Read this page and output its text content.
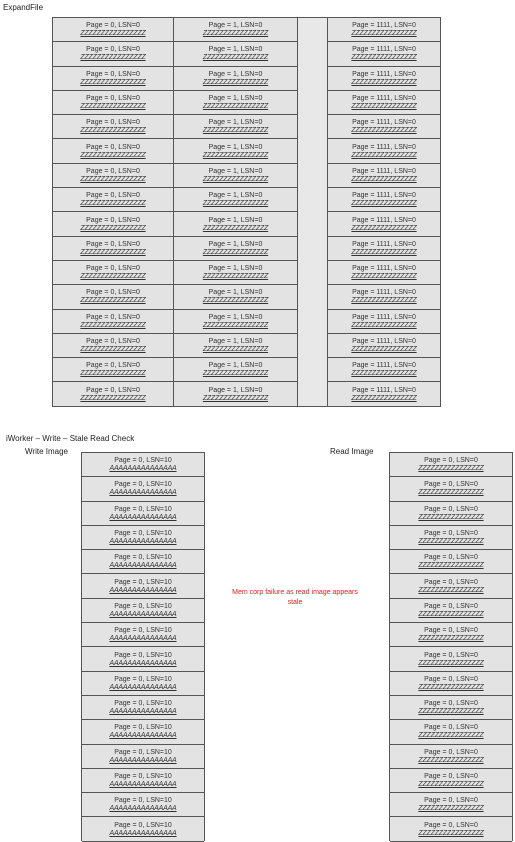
ExpandFile
Page = 0, LSN=0
ZZZZZZZZZZZZZZZZ
Page = 0, LSN=0
ZZZZZZZZZZZZZZZZ
Page = 0, LSN=0
ZZZZZZZZZZZZZZZZ
Page = 0, LSN=0
ZZZZZZZZZZZZZZZZ
Page = 0, LSN=0
ZZZZZZZZZZZZZZZZ
Page = 0, LSN=0
ZZZZZZZZZZZZZZZZ
Page = 0, LSN=0
ZZZZZZZZZZZZZZZZ
Page = 0, LSN=0
ZZZZZZZZZZZZZZZZ
Page = 0, LSN=0
ZZZZZZZZZZZZZZZZ
Page = 0, LSN=0
ZZZZZZZZZZZZZZZZ
Page = 0, LSN=0
ZZZZZZZZZZZZZZZZ
Page = 0, LSN=0
ZZZZZZZZZZZZZZZZ
Page = 0, LSN=0
ZZZZZZZZZZZZZZZZ
Page = 0, LSN=0
ZZZZZZZZZZZZZZZZ
Page = 0, LSN=0
ZZZZZZZZZZZZZZZZ
Page = 0, LSN=0
ZZZZZZZZZZZZZZZZ
Page = 1, LSN=0
ZZZZZZZZZZZZZZZZ
Page = 1, LSN=0
ZZZZZZZZZZZZZZZZ
Page = 1, LSN=0
ZZZZZZZZZZZZZZZZ
Page = 1, LSN=0
ZZZZZZZZZZZZZZZZ
Page = 1, LSN=0
ZZZZZZZZZZZZZZZZ
Page = 1, LSN=0
ZZZZZZZZZZZZZZZZ
Page = 1, LSN=0
ZZZZZZZZZZZZZZZZ
Page = 1, LSN=0
ZZZZZZZZZZZZZZZZ
Page = 1, LSN=0
ZZZZZZZZZZZZZZZZ
Page = 1, LSN=0
ZZZZZZZZZZZZZZZZ
Page = 1, LSN=0
ZZZZZZZZZZZZZZZZ
Page = 1, LSN=0
ZZZZZZZZZZZZZZZZ
Page = 1, LSN=0
ZZZZZZZZZZZZZZZZ
Page = 1, LSN=0
ZZZZZZZZZZZZZZZZ
Page = 1, LSN=0
ZZZZZZZZZZZZZZZZ
Page = 1, LSN=0
ZZZZZZZZZZZZZZZZ
Page = 1111, LSN=0
ZZZZZZZZZZZZZZZZ
Page = 1111, LSN=0
ZZZZZZZZZZZZZZZZ
Page = 1111, LSN=0
ZZZZZZZZZZZZZZZZ
Page = 1111, LSN=0
ZZZZZZZZZZZZZZZZ
Page = 1111, LSN=0
ZZZZZZZZZZZZZZZZ
Page = 1111, LSN=0
ZZZZZZZZZZZZZZZZ
Page = 1111, LSN=0
ZZZZZZZZZZZZZZZZ
Page = 1111, LSN=0
ZZZZZZZZZZZZZZZZ
Page = 1111, LSN=0
ZZZZZZZZZZZZZZZZ
Page = 1111, LSN=0
ZZZZZZZZZZZZZZZZ
Page = 1111, LSN=0
ZZZZZZZZZZZZZZZZ
Page = 1111, LSN=0
ZZZZZZZZZZZZZZZZ
Page = 1111, LSN=0
ZZZZZZZZZZZZZZZZ
Page = 1111, LSN=0
ZZZZZZZZZZZZZZZZ
Page = 1111, LSN=0
ZZZZZZZZZZZZZZZZ
Page = 1111, LSN=0
ZZZZZZZZZZZZZZZZ
iWorker – Write – Stale Read Check
Write Image	Read Image
Page = 0, LSN=10
AAAAAAAAAAAAAAA
Page = 0, LSN=10
AAAAAAAAAAAAAAA
Page = 0, LSN=10
AAAAAAAAAAAAAAA
Page = 0, LSN=10
AAAAAAAAAAAAAAA
Page = 0, LSN=10
AAAAAAAAAAAAAAA
Page = 0, LSN=10
AAAAAAAAAAAAAAA
Page = 0, LSN=10
AAAAAAAAAAAAAAA
Page = 0, LSN=10
AAAAAAAAAAAAAAA
Page = 0, LSN=10
AAAAAAAAAAAAAAA
Page = 0, LSN=10
AAAAAAAAAAAAAAA
Page = 0, LSN=10
AAAAAAAAAAAAAAA
Page = 0, LSN=10
AAAAAAAAAAAAAAA
Page = 0, LSN=10
AAAAAAAAAAAAAAA
Page = 0, LSN=10
AAAAAAAAAAAAAAA
Page = 0, LSN=10
AAAAAAAAAAAAAAA
Page = 0, LSN=10
AAAAAAAAAAAAAAA
Page = 0, LSN=0
ZZZZZZZZZZZZZZZZ
Page = 0, LSN=0
ZZZZZZZZZZZZZZZZ
Page = 0, LSN=0
ZZZZZZZZZZZZZZZZ
Page = 0, LSN=0
ZZZZZZZZZZZZZZZZ
Page = 0, LSN=0
ZZZZZZZZZZZZZZZZ
Page = 0, LSN=0
ZZZZZZZZZZZZZZZZ
Page = 0, LSN=0
ZZZZZZZZZZZZZZZZ
Page = 0, LSN=0
ZZZZZZZZZZZZZZZZ
Page = 0, LSN=0
ZZZZZZZZZZZZZZZZ
Page = 0, LSN=0
ZZZZZZZZZZZZZZZZ
Page = 0, LSN=0
ZZZZZZZZZZZZZZZZ
Page = 0, LSN=0
ZZZZZZZZZZZZZZZZ
Page = 0, LSN=0
ZZZZZZZZZZZZZZZZ
Page = 0, LSN=0
ZZZZZZZZZZZZZZZZ
Page = 0, LSN=0
ZZZZZZZZZZZZZZZZ
Page = 0, LSN=0
ZZZZZZZZZZZZZZZZ
Mem corp failure as read image appears stale
